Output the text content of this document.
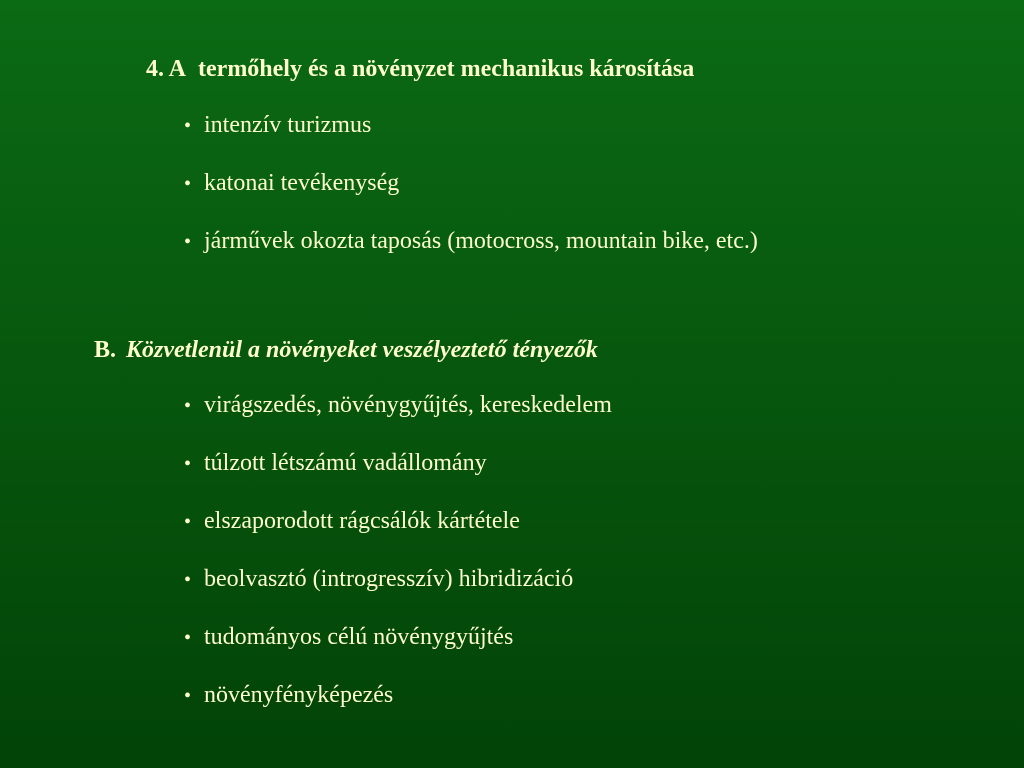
4. A termőhely és a növényzet mechanikus károsítása
• intenzív turizmus
• katonai tevékenység
• járművek okozta taposás (motocross, mountain bike, etc.)
B. Közvetlenül a növényeket veszélyeztető tényezők
• virágszedés, növénygyűjtés, kereskedelem
• túlzott létszámú vadállomány
• elszaporodott rágcsálók kártétele
• beolvasztó (introgresszív) hibridizáció
• tudományos célú növénygyűjtés
• növényfényképezés
